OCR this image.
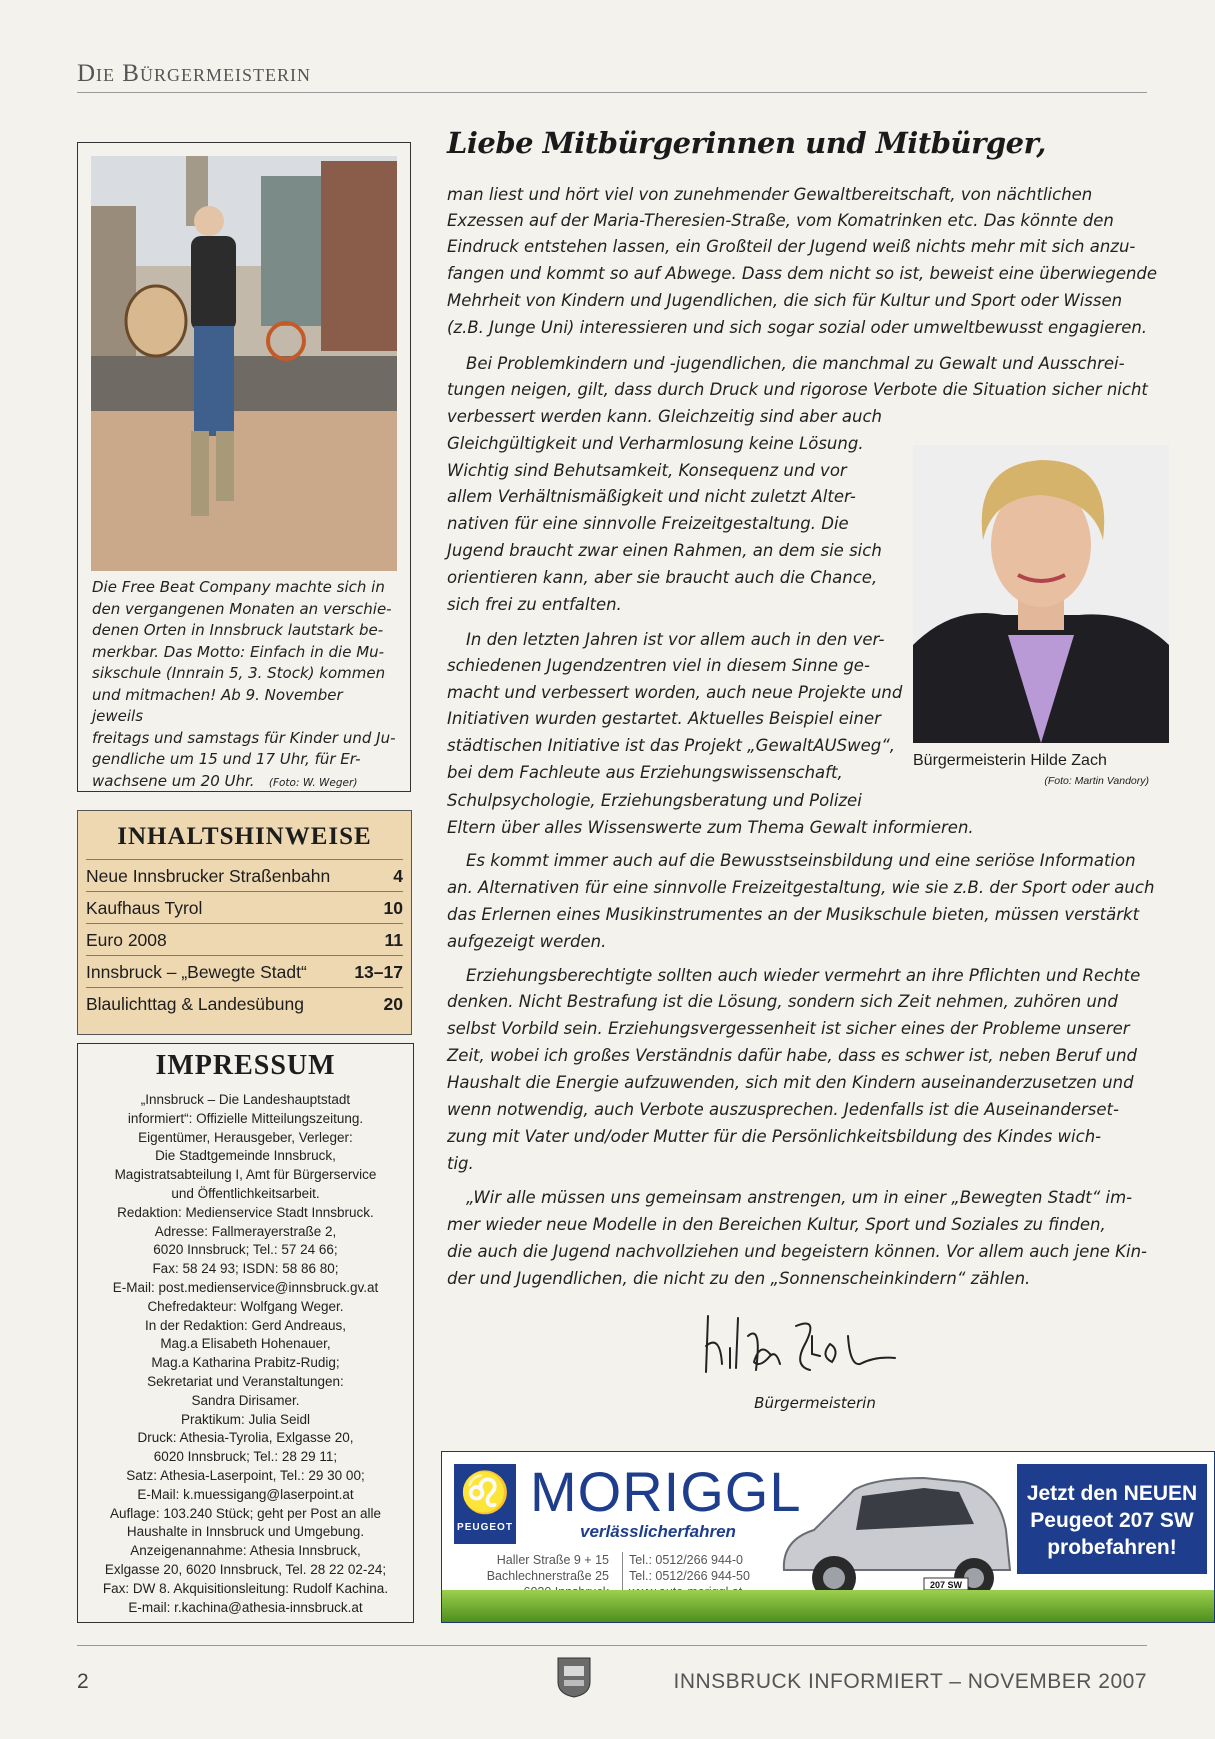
Die Bürgermeisterin
Die Free Beat Company machte sich in
den vergangenen Monaten an verschie-
denen Orten in Innsbruck lautstark be-
merkbar. Das Motto: Einfach in die Mu-
sikschule (Innrain 5, 3. Stock) kommen
und mitmachen! Ab 9. November jeweils
freitags und samstags für Kinder und Ju-
gendliche um 15 und 17 Uhr, für Er-
wachsene um 20 Uhr. (Foto: W. Weger)
INHALTSHINWEISE
Neue Innsbrucker Straßenbahn	4
Kaufhaus Tyrol	10
Euro 2008	11
Innsbruck – „Bewegte Stadt“	13–17
Blaulichttag & Landesübung	20
IMPRESSUM
„Innsbruck – Die Landeshauptstadt
informiert“: Offizielle Mitteilungszeitung.
Eigentümer, Herausgeber, Verleger:
Die Stadtgemeinde Innsbruck,
Magistratsabteilung I, Amt für Bürgerservice
und Öffentlichkeitsarbeit.
Redaktion: Medienservice Stadt Innsbruck.
Adresse: Fallmerayerstraße 2,
6020 Innsbruck; Tel.: 57 24 66;
Fax: 58 24 93; ISDN: 58 86 80;
E-Mail: post.medienservice@innsbruck.gv.at
Chefredakteur: Wolfgang Weger.
In der Redaktion: Gerd Andreaus,
Mag.a Elisabeth Hohenauer,
Mag.a Katharina Prabitz-Rudig;
Sekretariat und Veranstaltungen:
Sandra Dirisamer.
Praktikum: Julia Seidl
Druck: Athesia-Tyrolia, Exlgasse 20,
6020 Innsbruck; Tel.: 28 29 11;
Satz: Athesia-Laserpoint, Tel.: 29 30 00;
E-Mail: k.muessigang@laserpoint.at
Auflage: 103.240 Stück; geht per Post an alle
Haushalte in Innsbruck und Umgebung.
Anzeigenannahme: Athesia Innsbruck,
Exlgasse 20, 6020 Innsbruck, Tel. 28 22 02-24;
Fax: DW 8. Akquisitionsleitung: Rudolf Kachina.
E-mail: r.kachina@athesia-innsbruck.at
Liebe Mitbürgerinnen und Mitbürger,
man liest und hört viel von zunehmender Gewaltbereitschaft, von nächtlichen
Exzessen auf der Maria-Theresien-Straße, vom Komatrinken etc. Das könnte den
Eindruck entstehen lassen, ein Großteil der Jugend weiß nichts mehr mit sich anzu-
fangen und kommt so auf Abwege. Dass dem nicht so ist, beweist eine überwiegende
Mehrheit von Kindern und Jugendlichen, die sich für Kultur und Sport oder Wissen
(z.B. Junge Uni) interessieren und sich sogar sozial oder umweltbewusst engagieren.
Bei Problemkindern und -jugendlichen, die manchmal zu Gewalt und Ausschrei-
tungen neigen, gilt, dass durch Druck und rigorose Verbote die Situation sicher nicht
verbessert werden kann. Gleichzeitig sind aber auch
Gleichgültigkeit und Verharmlosung keine Lösung.
Wichtig sind Behutsamkeit, Konsequenz und vor
allem Verhältnismäßigkeit und nicht zuletzt Alter-
nativen für eine sinnvolle Freizeitgestaltung. Die
Jugend braucht zwar einen Rahmen, an dem sie sich
orientieren kann, aber sie braucht auch die Chance,
sich frei zu entfalten.
In den letzten Jahren ist vor allem auch in den ver-
schiedenen Jugendzentren viel in diesem Sinne ge-
macht und verbessert worden, auch neue Projekte und
Initiativen wurden gestartet. Aktuelles Beispiel einer
städtischen Initiative ist das Projekt „GewaltAUSweg“,
bei dem Fachleute aus Erziehungswissenschaft,
Schulpsychologie, Erziehungsberatung und Polizei
Eltern über alles Wissenswerte zum Thema Gewalt informieren.
Es kommt immer auch auf die Bewusstseinsbildung und eine seriöse Information
an. Alternativen für eine sinnvolle Freizeitgestaltung, wie sie z.B. der Sport oder auch
das Erlernen eines Musikinstrumentes an der Musikschule bieten, müssen verstärkt
aufgezeigt werden.
Erziehungsberechtigte sollten auch wieder vermehrt an ihre Pflichten und Rechte
denken. Nicht Bestrafung ist die Lösung, sondern sich Zeit nehmen, zuhören und
selbst Vorbild sein. Erziehungsvergessenheit ist sicher eines der Probleme unserer
Zeit, wobei ich großes Verständnis dafür habe, dass es schwer ist, neben Beruf und
Haushalt die Energie aufzuwenden, sich mit den Kindern auseinanderzusetzen und
wenn notwendig, auch Verbote auszusprechen. Jedenfalls ist die Auseinanderset-
zung mit Vater und/oder Mutter für die Persönlichkeitsbildung des Kindes wich-
tig.
„Wir alle müssen uns gemeinsam anstrengen, um in einer „Bewegten Stadt“ im-
mer wieder neue Modelle in den Bereichen Kultur, Sport und Soziales zu finden,
die auch die Jugend nachvollziehen und begeistern können. Vor allem auch jene Kin-
der und Jugendlichen, die nicht zu den „Sonnenscheinkindern“ zählen.
Bürgermeisterin Hilde Zach
(Foto: Martin Vandory)
Bürgermeisterin
♌
PEUGEOT
MORIGGL
verlässlicherfahren
Haller Straße 9 + 15
Bachlechnerstraße 25
Tel.: 0512/266 944-0
Tel.: 0512/266 944-50
207 SW
Jetzt den NEUEN
Peugeot 207 SW
probefahren!
2	INNSBRUCK INFORMIERT – NOVEMBER 2007
